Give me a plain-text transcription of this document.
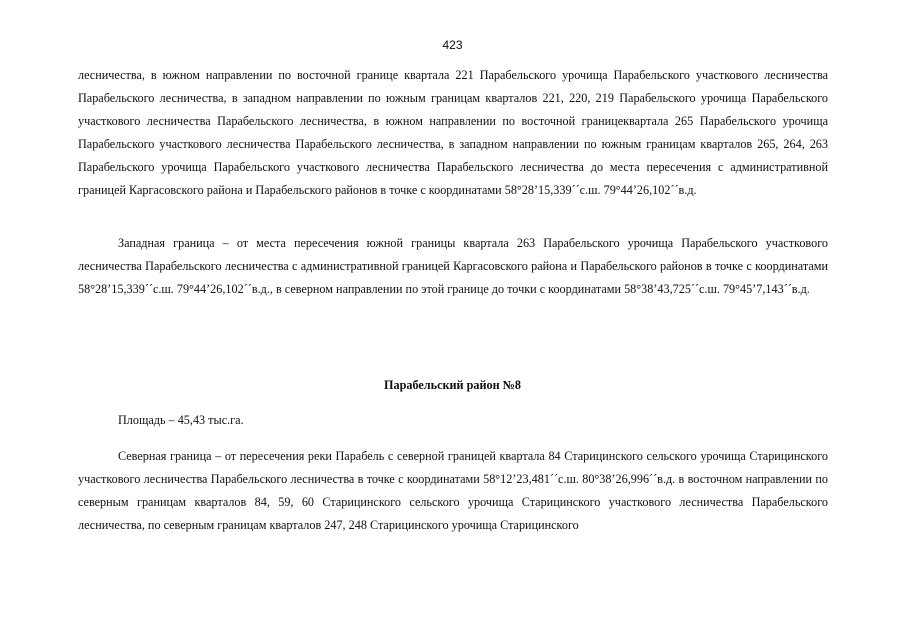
423

лесничества, в южном направлении по восточной границе квартала 221 Парабельского урочища Парабельского участкового лесничества Парабельского лесничества, в западном направлении по южным границам кварталов 221, 220, 219 Парабельского урочища Парабельского участкового лесничества Парабельского лесничества, в южном направлении по восточной границеквартала 265 Парабельского урочища Парабельского участкового лесничества Парабельского лесничества, в западном направлении по южным границам кварталов 265, 264, 263 Парабельского урочища Парабельского участкового лесничества Парабельского лесничества до места пересечения с административной границей Каргасовского района и Парабельского районов в точке с координатами 58°28’15,339´´с.ш. 79°44’26,102´´в.д.

Западная граница – от места пересечения южной границы квартала 263 Парабельского урочища Парабельского участкового лесничества Парабельского лесничества с административной границей Каргасовского района и Парабельского районов в точке с координатами 58°28’15,339´´с.ш. 79°44’26,102´´в.д., в северном направлении по этой границе до точки с координатами 58°38’43,725´´с.ш. 79°45’7,143´´в.д.

Парабельский район №8

Площадь – 45,43 тыс.га.

Северная граница – от пересечения реки Парабель с северной границей квартала 84 Старицинского сельского урочища Старицинского участкового лесничества Парабельского лесничества в точке с координатами 58°12’23,481´´с.ш. 80°38’26,996´´в.д. в восточном направлении по северным границам кварталов 84, 59, 60 Старицинского сельского урочища Старицинского участкового лесничества Парабельского лесничества, по северным границам кварталов 247, 248 Старицинского урочища Старицинского
